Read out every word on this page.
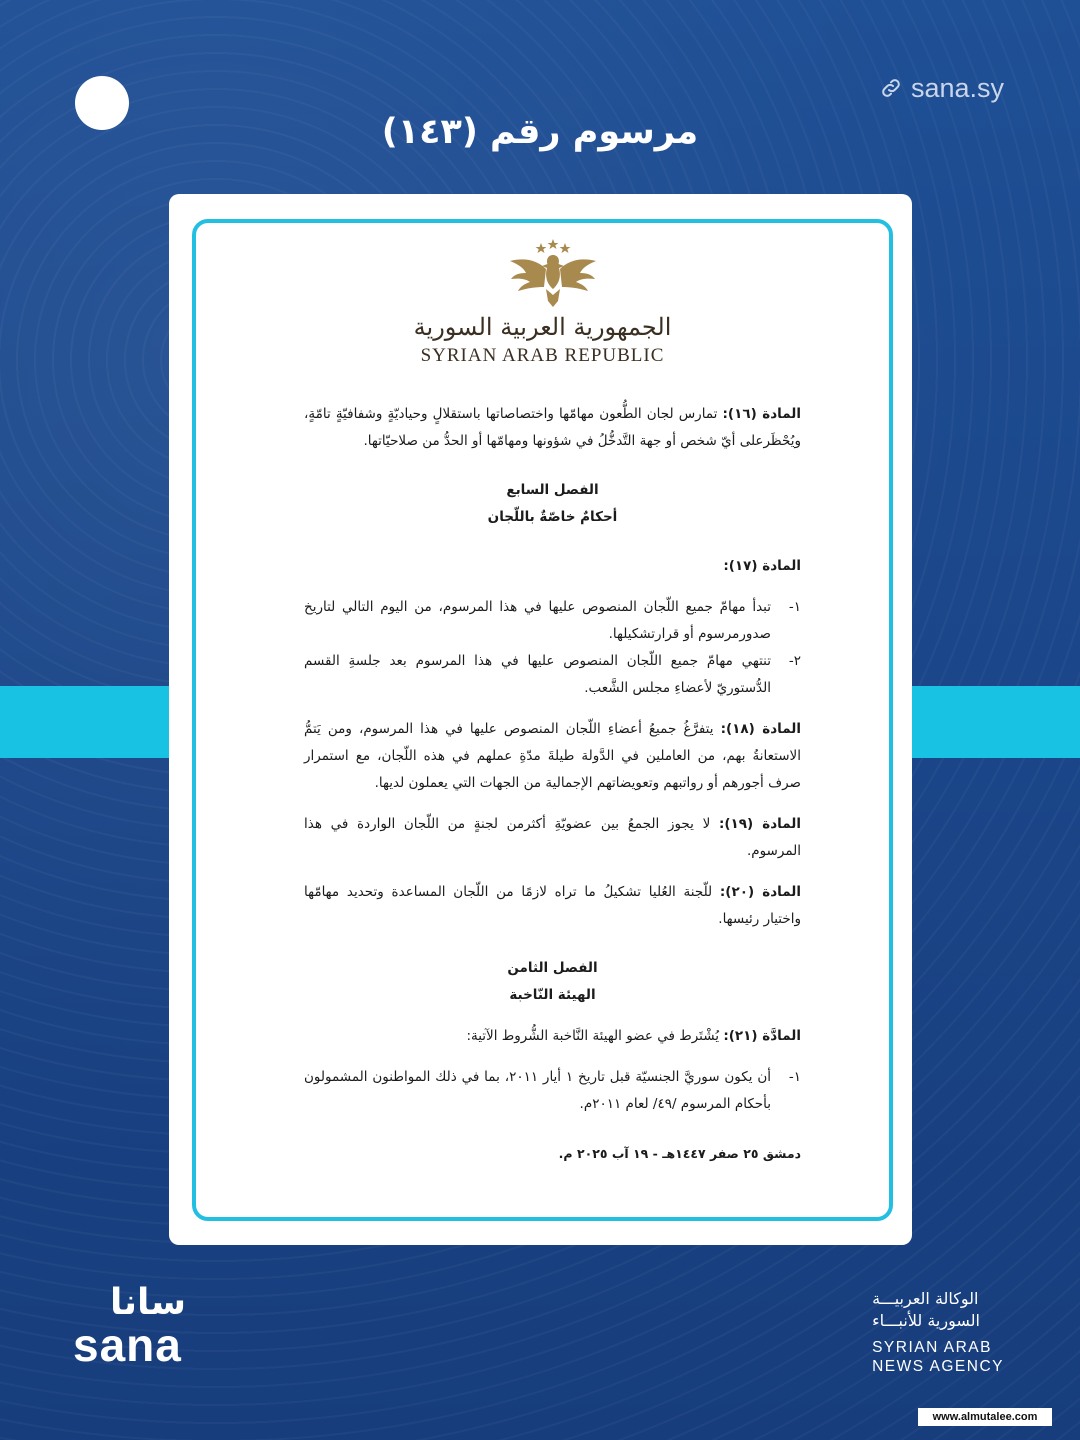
sana.sy
مرسوم رقم (١٤٣)
الجمهورية العربية السورية
SYRIAN ARAB REPUBLIC

المادة (١٦): تمارس لجان الطُّعون مهامّها واختصاصاتها باستقلالٍ وحياديّةٍ وشفافيّةٍ تامّةٍ، ويُحْظَرعلى أيّ شخص أو جهة التَّدخُّلُ في شؤونها ومهامّها أو الحدُّ من صلاحيّاتها.

الفصل السابع

أحكامٌ خاصّةٌ باللّجان

المادة (١٧):

١-
تبدأ مهامّ جميع اللّجان المنصوص عليها في هذا المرسوم، من اليوم التالي لتاريخ صدورمرسوم أو قرارتشكيلها.
٢-
تنتهي مهامّ جميع اللّجان المنصوص عليها في هذا المرسوم بعد جلسةِ القسم الدُّستوريّ لأعضاءِ مجلس الشَّعب.

المادة (١٨): يتفرَّغُ جميعُ أعضاءِ اللّجان المنصوص عليها في هذا المرسوم، ومن يَتمُّ الاستعانةُ بهم، من العاملين في الدَّولة طيلةَ مدّةِ عملهم في هذه اللّجان، مع استمرار صرف أجورهم أو رواتبهم وتعويضاتهم الإجمالية من الجهات التي يعملون لديها.

المادة (١٩): لا يجوز الجمعُ بين عضويّةِ أكثرمن لجنةٍ من اللّجان الواردة في هذا المرسوم.

المادة (٢٠): للّجنة العُليا تشكيلُ ما تراه لازمًا من اللّجان المساعدة وتحديد مهامّها واختيار رئيسها.

الفصل الثامن

الهيئة النّاخبة

المادَّة (٢١): يُشْتَرط في عضو الهيئة النَّاخبة الشُّروط الآتية:

١-
أن يكون سوريَّ الجنسيّة قبل تاريخ ١ أيار ٢٠١١، بما في ذلك المواطنون المشمولون بأحكام المرسوم /٤٩/ لعام ٢٠١١م.

دمشق ٢٥ صفر ١٤٤٧هـ - ١٩ آب ٢٠٢٥ م.

سانا
sana
الوكالة العربيـــة
السورية للأنبـــاء
SYRIAN ARAB
NEWS AGENCY
www.almutalee.com
